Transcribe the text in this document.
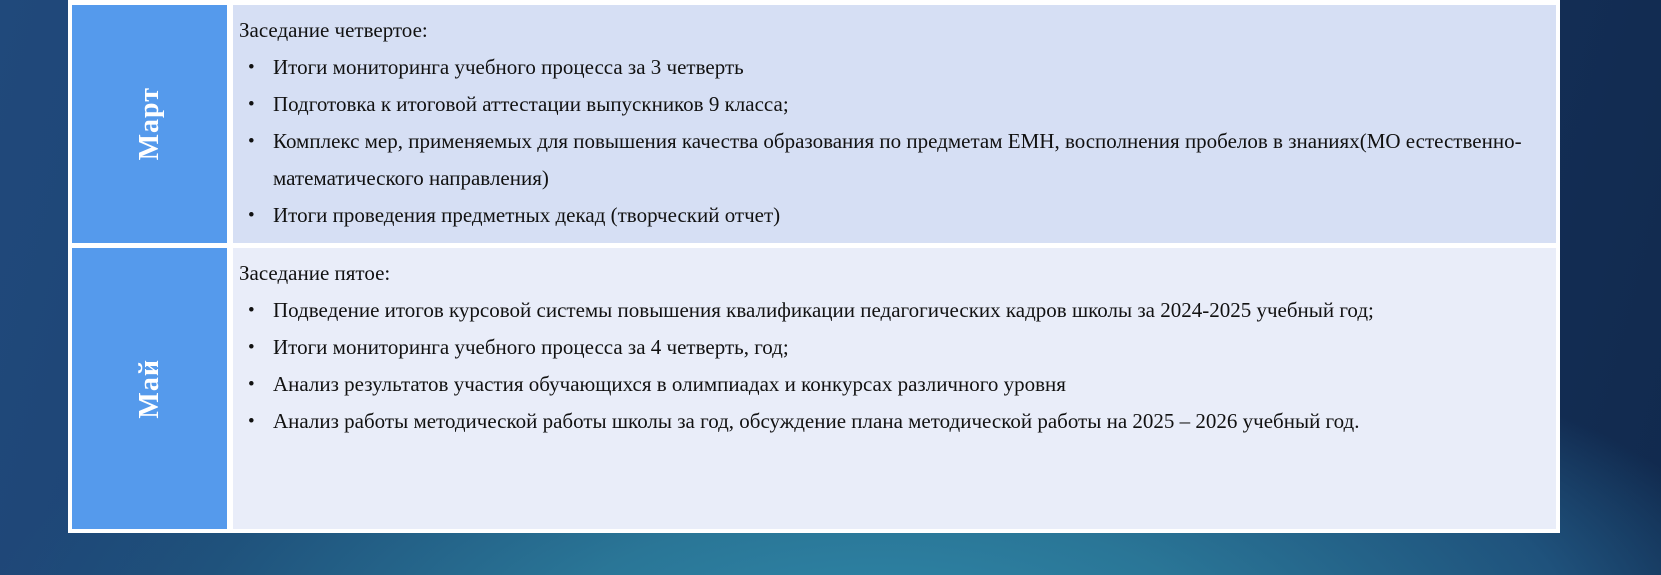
Март
Заседание четвертое:
• Итоги мониторинга учебного процесса за 3 четверть
• Подготовка к итоговой аттестации выпускников 9 класса;
• Комплекс мер, применяемых для повышения качества образования по предметам ЕМН, восполнения пробелов в знаниях(МО естественно-математического направления)
• Итоги проведения предметных декад (творческий отчет)
Май
Заседание пятое:
• Подведение итогов курсовой системы повышения квалификации педагогических кадров школы за 2024-2025 учебный год;
• Итоги мониторинга учебного процесса за 4 четверть, год;
• Анализ результатов участия обучающихся в олимпиадах и конкурсах различного уровня
• Анализ работы методической работы школы за год, обсуждение плана методической работы на 2025 – 2026 учебный год.
